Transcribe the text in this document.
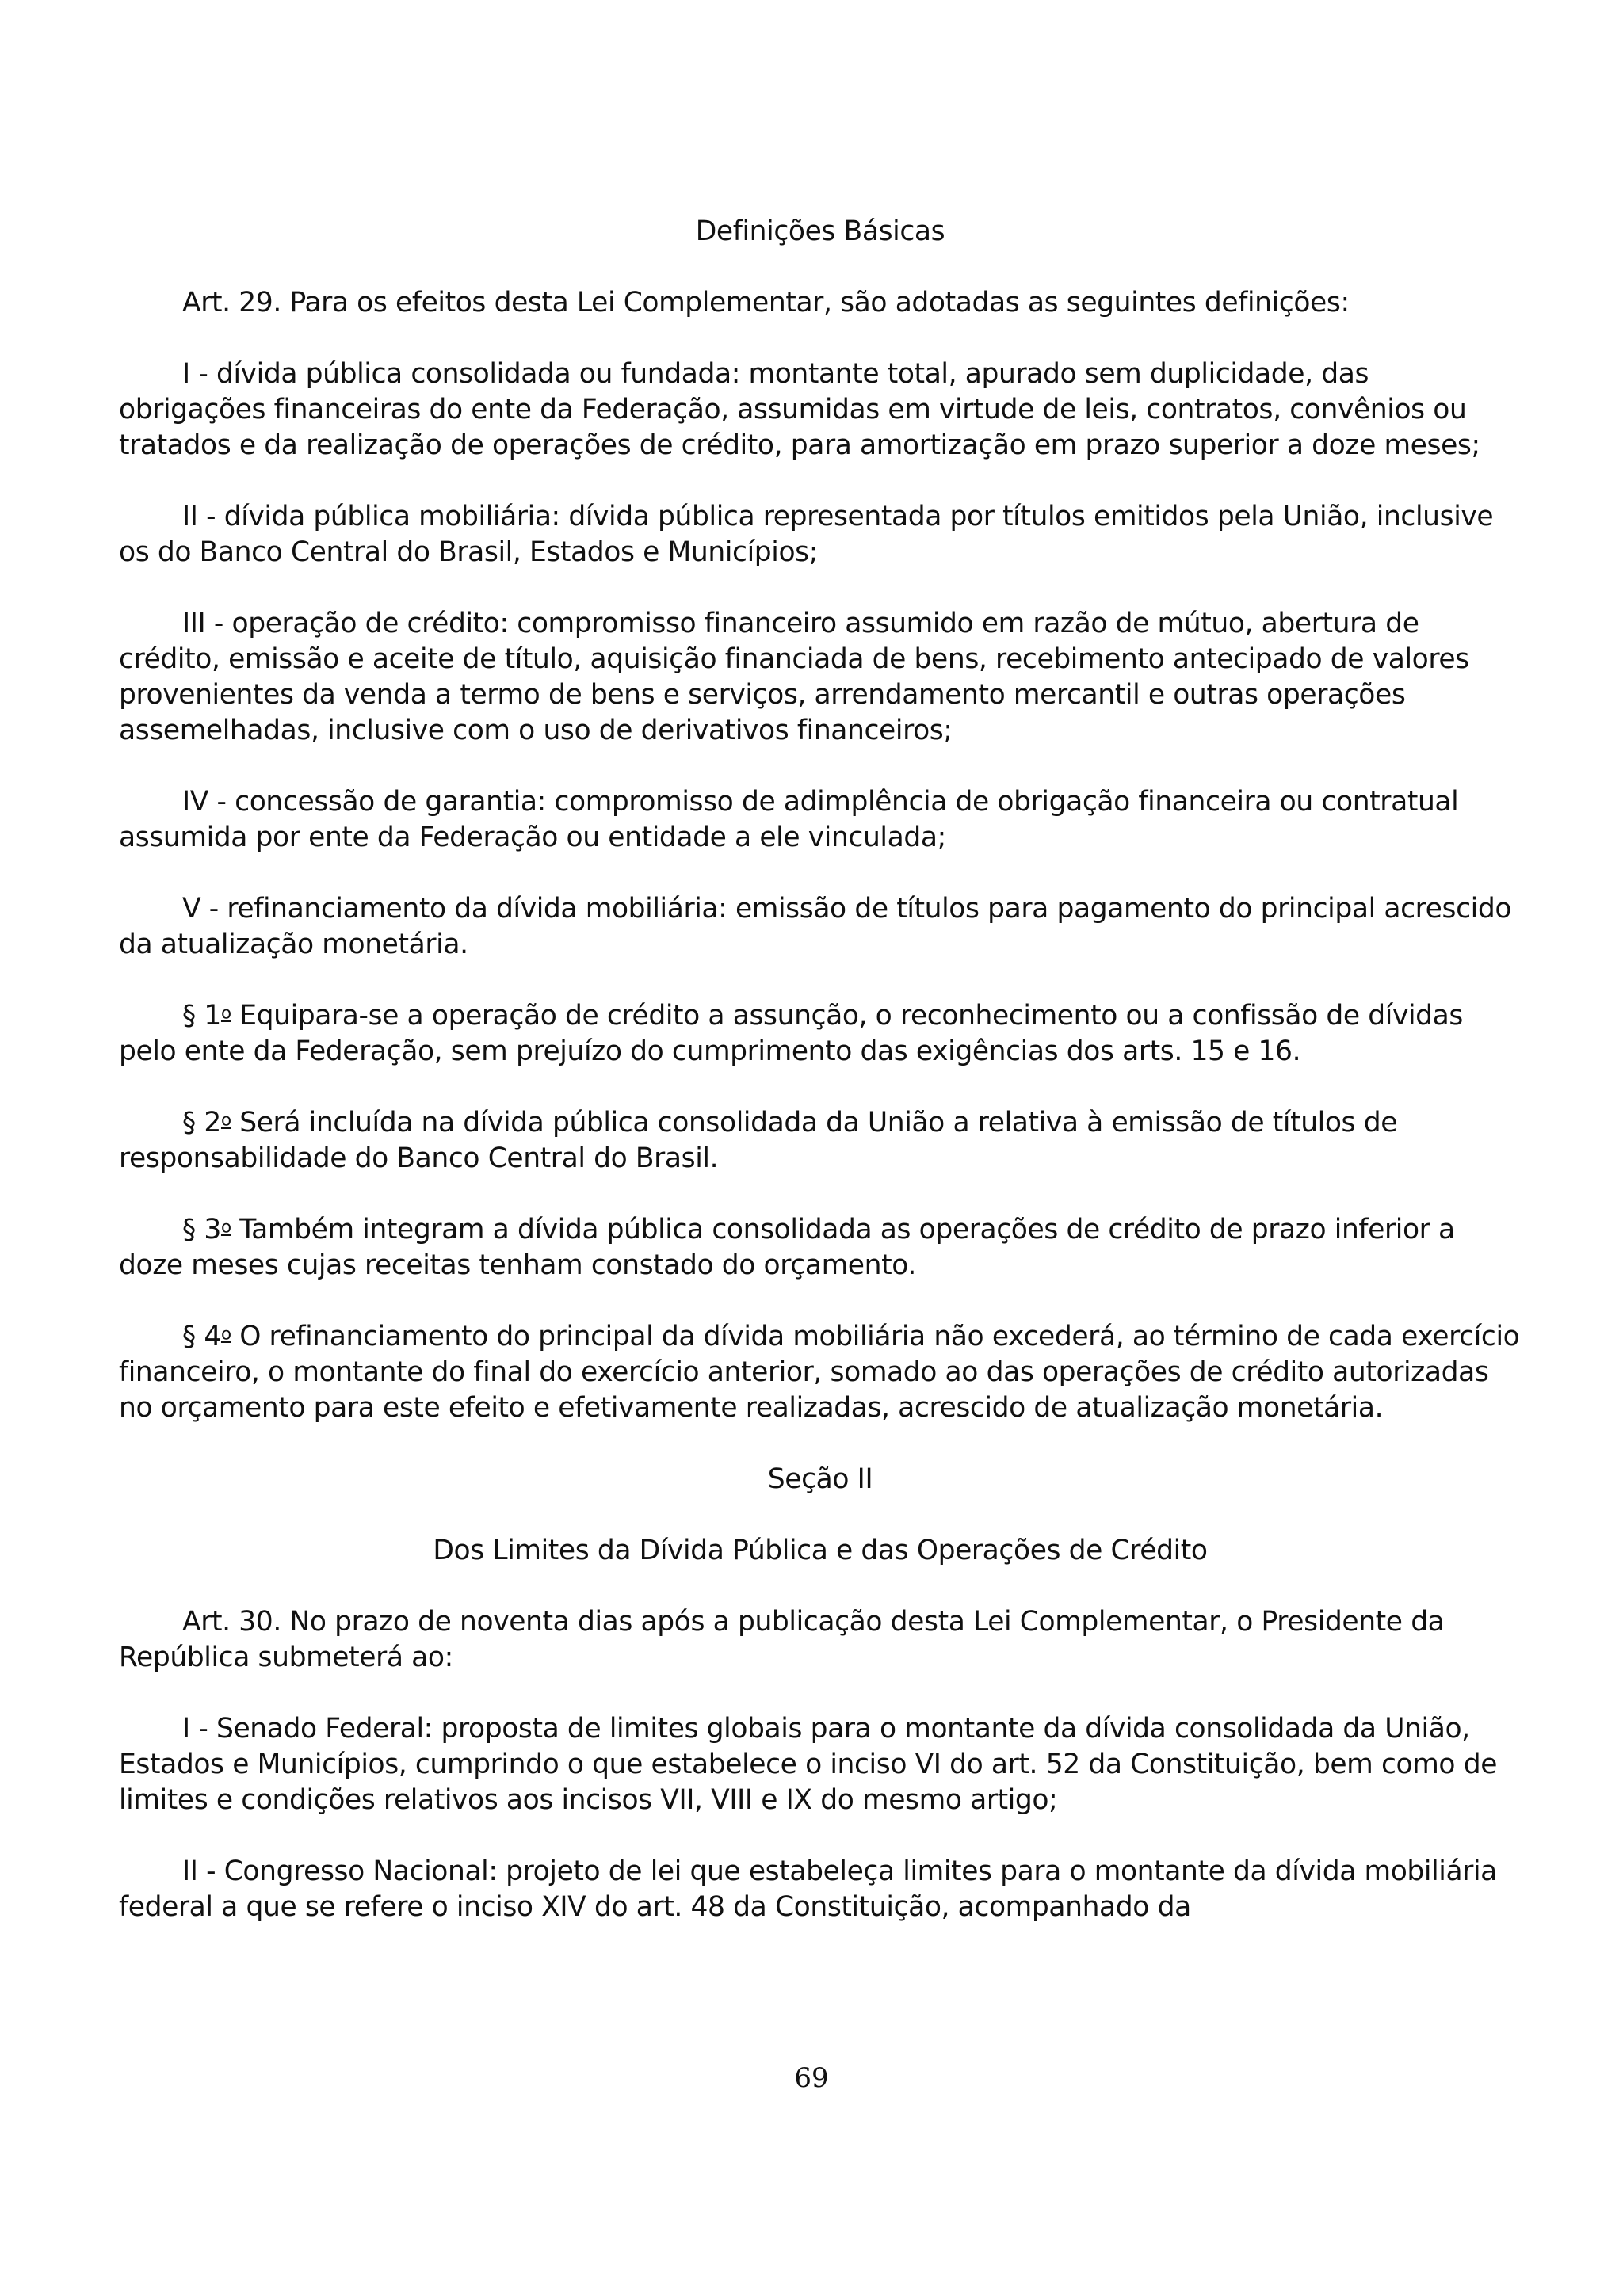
Definições Básicas

Art. 29. Para os efeitos desta Lei Complementar, são adotadas as seguintes definições:

I - dívida pública consolidada ou fundada: montante total, apurado sem duplicidade, das obrigações financeiras do ente da Federação, assumidas em virtude de leis, contratos, convênios ou tratados e da realização de operações de crédito, para amortização em prazo superior a doze meses;

II - dívida pública mobiliária: dívida pública representada por títulos emitidos pela União, inclusive os do Banco Central do Brasil, Estados e Municípios;

III - operação de crédito: compromisso financeiro assumido em razão de mútuo, abertura de crédito, emissão e aceite de título, aquisição financiada de bens, recebimento antecipado de valores provenientes da venda a termo de bens e serviços, arrendamento mercantil e outras operações assemelhadas, inclusive com o uso de derivativos financeiros;

IV - concessão de garantia: compromisso de adimplência de obrigação financeira ou contratual assumida por ente da Federação ou entidade a ele vinculada;

V - refinanciamento da dívida mobiliária: emissão de títulos para pagamento do principal acrescido da atualização monetária.

§ 1$^o$ Equipara-se a operação de crédito a assunção, o reconhecimento ou a confissão de dívidas pelo ente da Federação, sem prejuízo do cumprimento das exigências dos arts. 15 e 16.

§ 2$^o$ Será incluída na dívida pública consolidada da União a relativa à emissão de títulos de responsabilidade do Banco Central do Brasil.

§ 3$^o$ Também integram a dívida pública consolidada as operações de crédito de prazo inferior a doze meses cujas receitas tenham constado do orçamento.

§ 4$^o$ O refinanciamento do principal da dívida mobiliária não excederá, ao término de cada exercício financeiro, o montante do final do exercício anterior, somado ao das operações de crédito autorizadas no orçamento para este efeito e efetivamente realizadas, acrescido de atualização monetária.

Seção II

Dos Limites da Dívida Pública e das Operações de Crédito

Art. 30. No prazo de noventa dias após a publicação desta Lei Complementar, o Presidente da República submeterá ao:

I - Senado Federal: proposta de limites globais para o montante da dívida consolidada da União, Estados e Municípios, cumprindo o que estabelece o inciso VI do art. 52 da Constituição, bem como de limites e condições relativos aos incisos VII, VIII e IX do mesmo artigo;

II - Congresso Nacional: projeto de lei que estabeleça limites para o montante da dívida mobiliária federal a que se refere o inciso XIV do art. 48 da Constituição, acompanhado da

69
